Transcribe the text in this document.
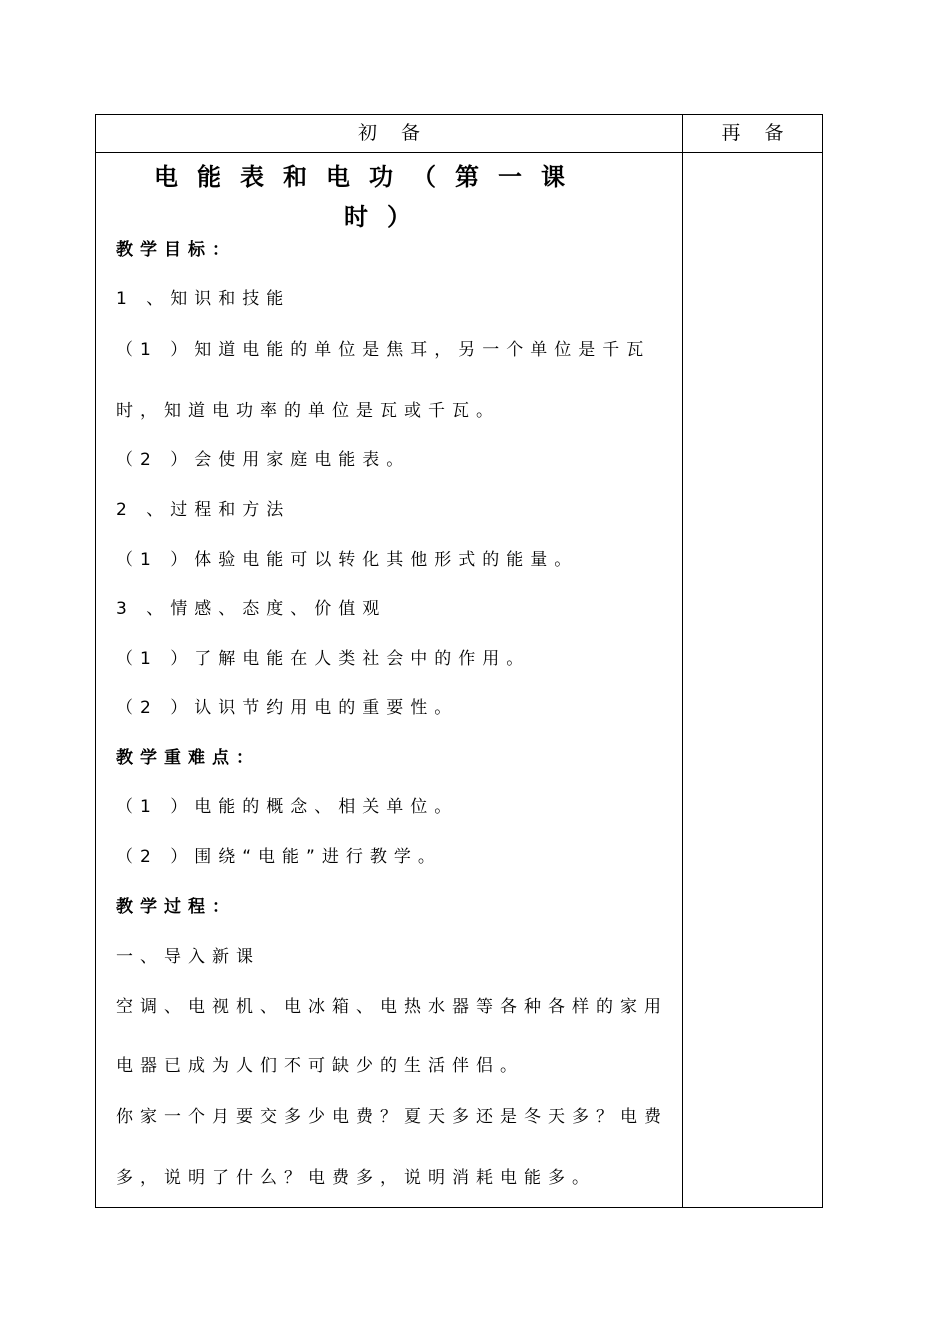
初备	再备
电能表和电功（第一课
时）
教学目标：
1 、知识和技能
（1 ）知道电能的单位是焦耳，另一个单位是千瓦
时，知道电功率的单位是瓦或千瓦。
（2 ）会使用家庭电能表。
2 、过程和方法
（1 ）体验电能可以转化其他形式的能量。
3 、情感、态度、价值观
（1 ）了解电能在人类社会中的作用。
（2 ）认识节约用电的重要性。
教学重难点：
（1 ）电能的概念、相关单位。
（2 ）围绕“电能”进行教学。
教学过程：
一、导入新课
空调、电视机、电冰箱、电热水器等各种各样的家用
电器已成为人们不可缺少的生活伴侣。
你家一个月要交多少电费？夏天多还是冬天多？电费
多，说明了什么？电费多，说明消耗电能多。
